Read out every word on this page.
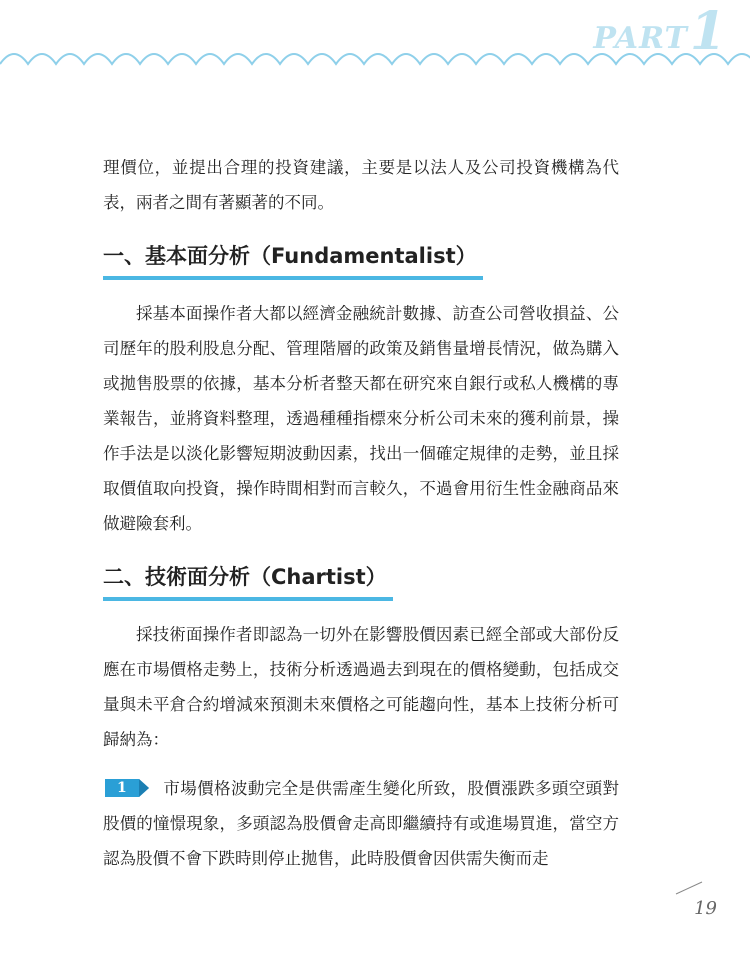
PART 1

理價位，並提出合理的投資建議，主要是以法人及公司投資機構為代表，兩者之間有著顯著的不同。

一、基本面分析（Fundamentalist）

採基本面操作者大都以經濟金融統計數據、訪查公司營收損益、公司歷年的股利股息分配、管理階層的政策及銷售量增長情況，做為購入或拋售股票的依據，基本分析者整天都在研究來自銀行或私人機構的專業報告，並將資料整理，透過種種指標來分析公司未來的獲利前景，操作手法是以淡化影響短期波動因素，找出一個確定規律的走勢，並且採取價值取向投資，操作時間相對而言較久，不過會用衍生性金融商品來做避險套利。

二、技術面分析（Chartist）

採技術面操作者即認為一切外在影響股價因素已經全部或大部份反應在市場價格走勢上，技術分析透過過去到現在的價格變動，包括成交量與未平倉合約增減來預測未來價格之可能趨向性，基本上技術分析可歸納為：

1	市場價格波動完全是供需產生變化所致，股價漲跌多頭空頭對股價的憧憬現象，多頭認為股價會走高即繼續持有或進場買進，當空方認為股價不會下跌時則停止拋售，此時股價會因供需失衡而走

19
